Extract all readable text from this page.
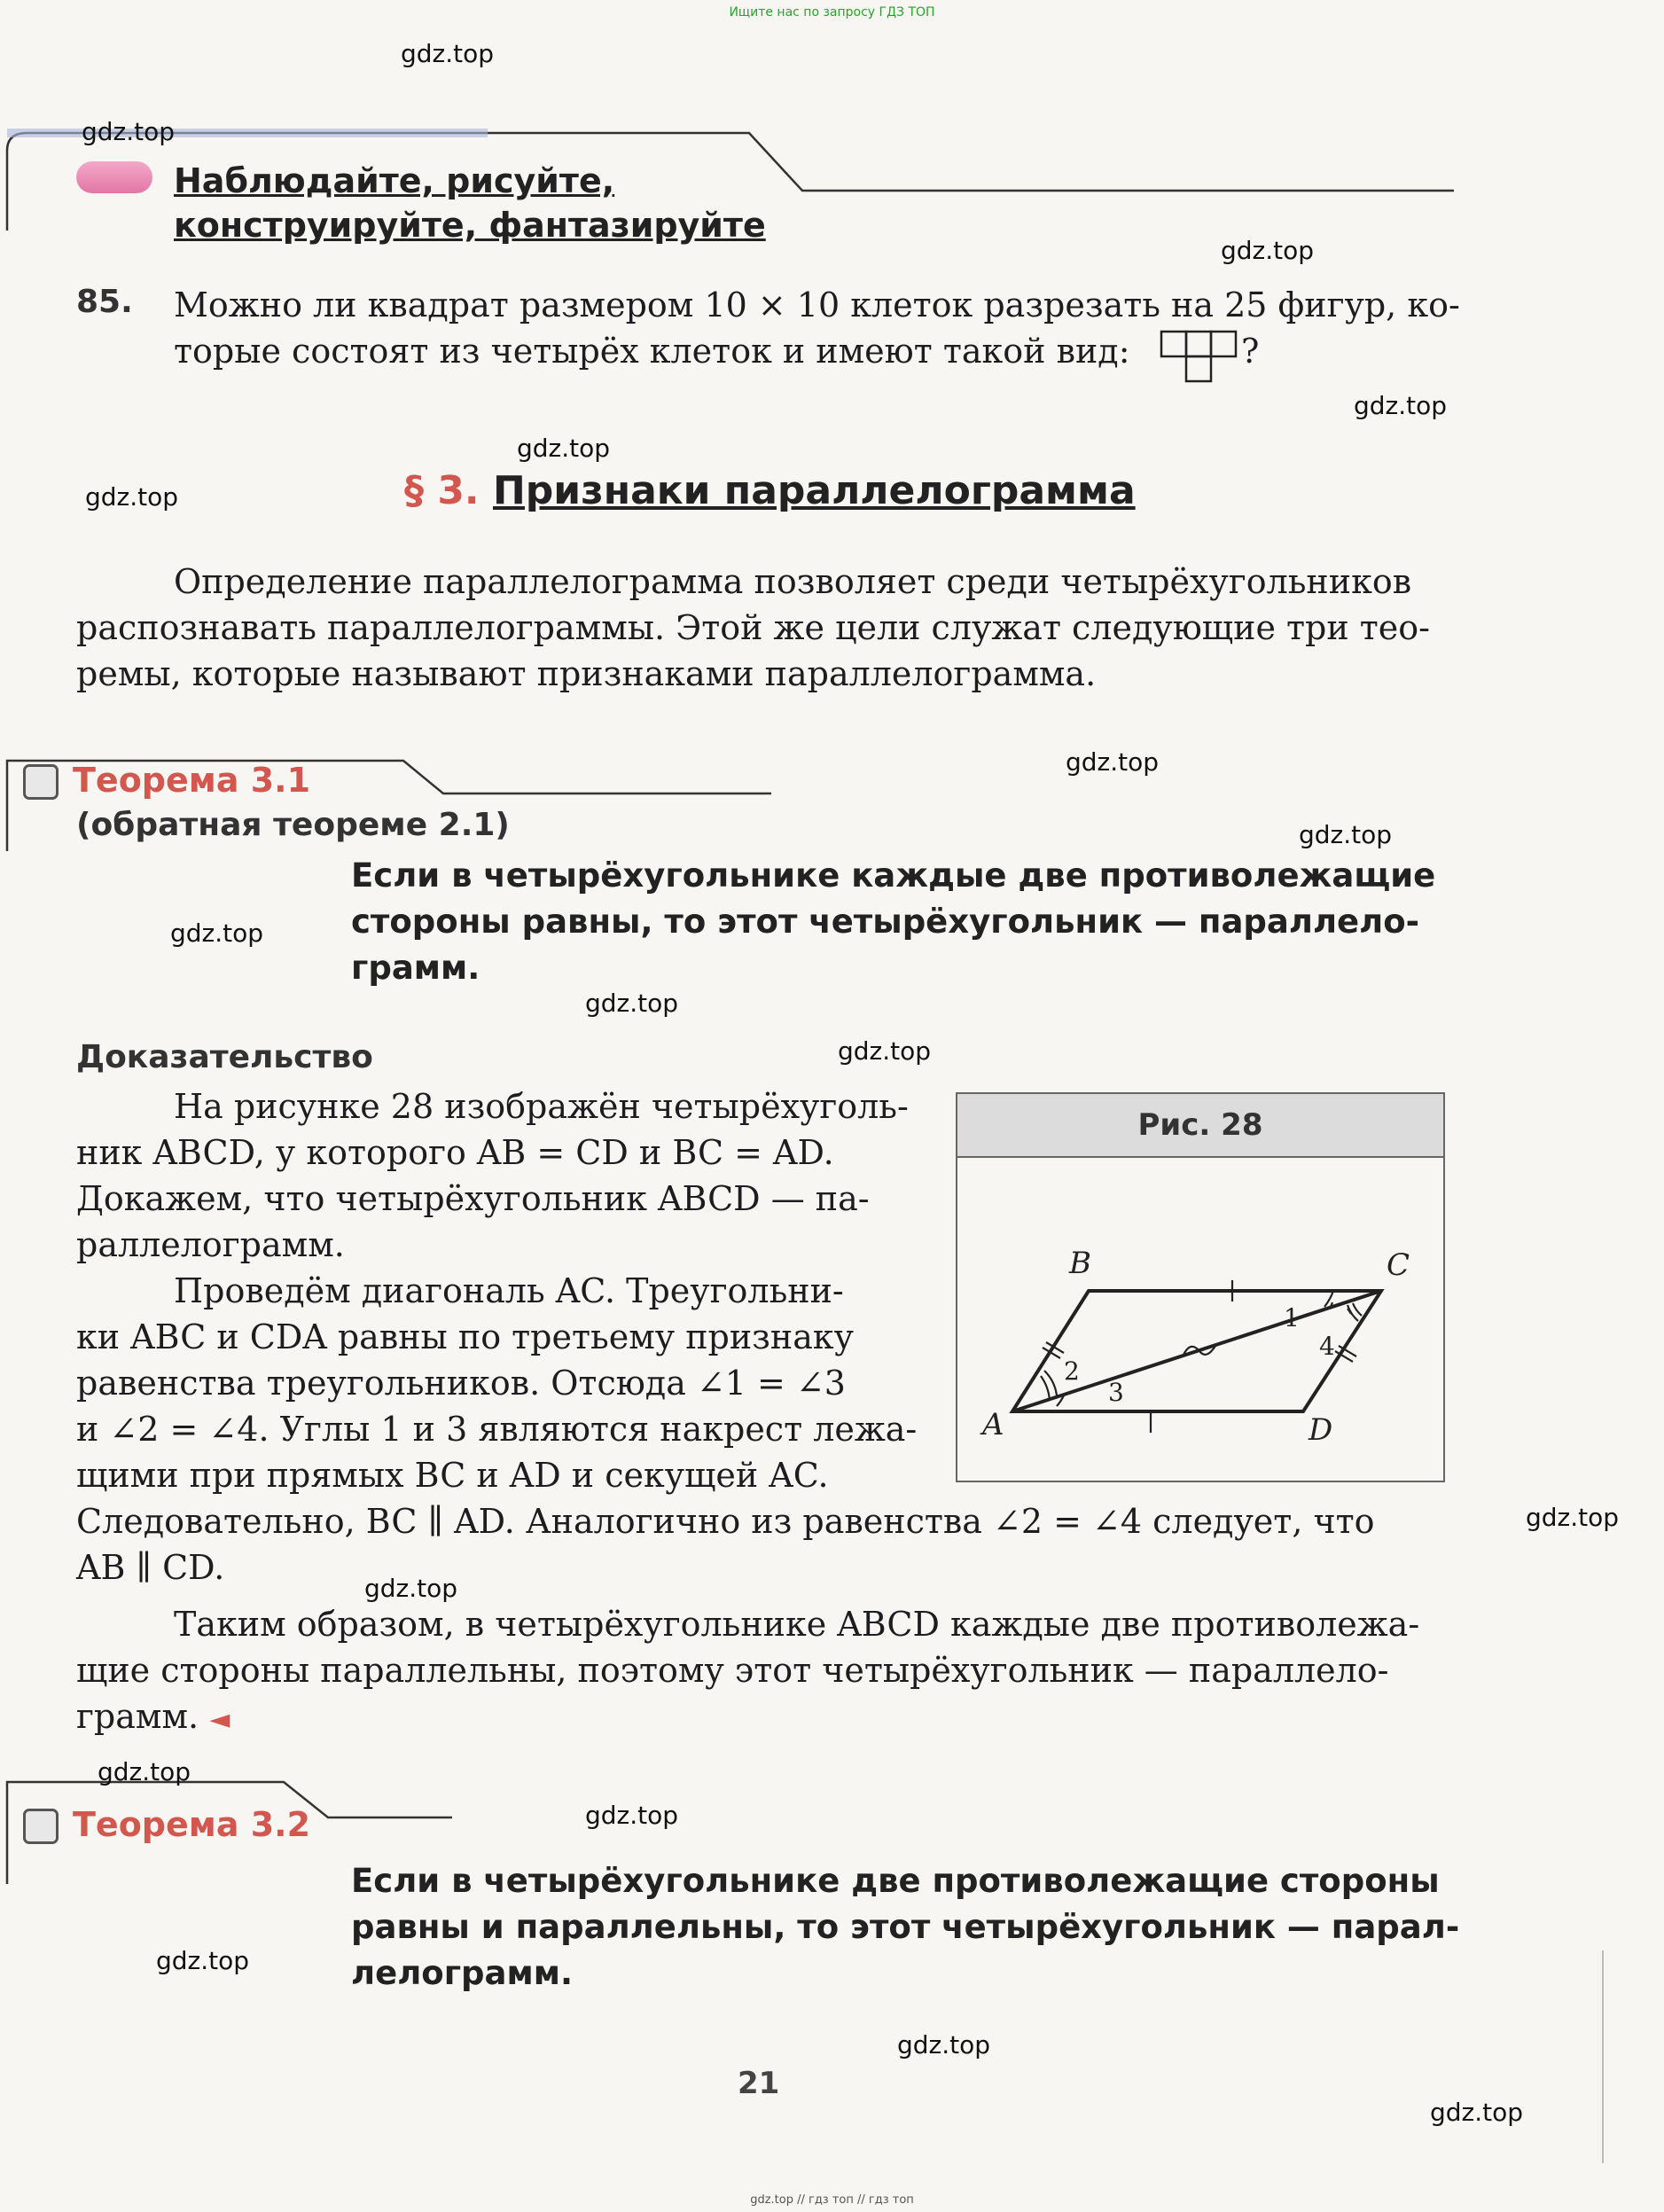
Ищите нас по запросу ГДЗ ТОП
gdz.top // гдз топ // гдз топ
gdz.top
gdz.top
gdz.top
gdz.top
gdz.top
gdz.top
gdz.top
gdz.top
gdz.top
gdz.top
gdz.top
gdz.top
gdz.top
gdz.top
gdz.top
gdz.top
gdz.top
gdz.top
Наблюдайте, рисуйте,
конструируйте, фантазируйте
85. Можно ли квадрат размером 10 × 10 клеток разрезать на 25 фигур, ко-
торые состоят из четырёх клеток и имеют такой вид:	?
§ 3. Признаки параллелограмма
Определение параллелограмма позволяет среди четырёхугольников
распознавать параллелограммы. Этой же цели служат следующие три тео-
ремы, которые называют признаками параллелограмма.
Теорема 3.1
(обратная теореме 2.1)
Если в четырёхугольнике каждые две противолежащие
стороны равны, то этот четырёхугольник — параллело-
грамм.
Доказательство
На рисунке 28 изображён четырёхуголь-
ник ABCD, у которого AB = CD и BC = AD.
Докажем, что четырёхугольник ABCD — па-
раллелограмм.
Проведём диагональ AC. Треугольни-
ки ABC и CDA равны по третьему признаку
равенства треугольников. Отсюда ∠1 = ∠3
и ∠2 = ∠4. Углы 1 и 3 являются накрест лежа-
щими при прямых BC и AD и секущей AC.
Следовательно, BC ∥ AD. Аналогично из равенства ∠2 = ∠4 следует, что
AB ∥ CD.
Таким образом, в четырёхугольнике ABCD каждые две противолежа-
щие стороны параллельны, поэтому этот четырёхугольник — параллело-
грамм. ◄
Рис. 28
B	C
A	D
1
4
2
3
Теорема 3.2
Если в четырёхугольнике две противолежащие стороны
равны и параллельны, то этот четырёхугольник — парал-
лелограмм.
21
